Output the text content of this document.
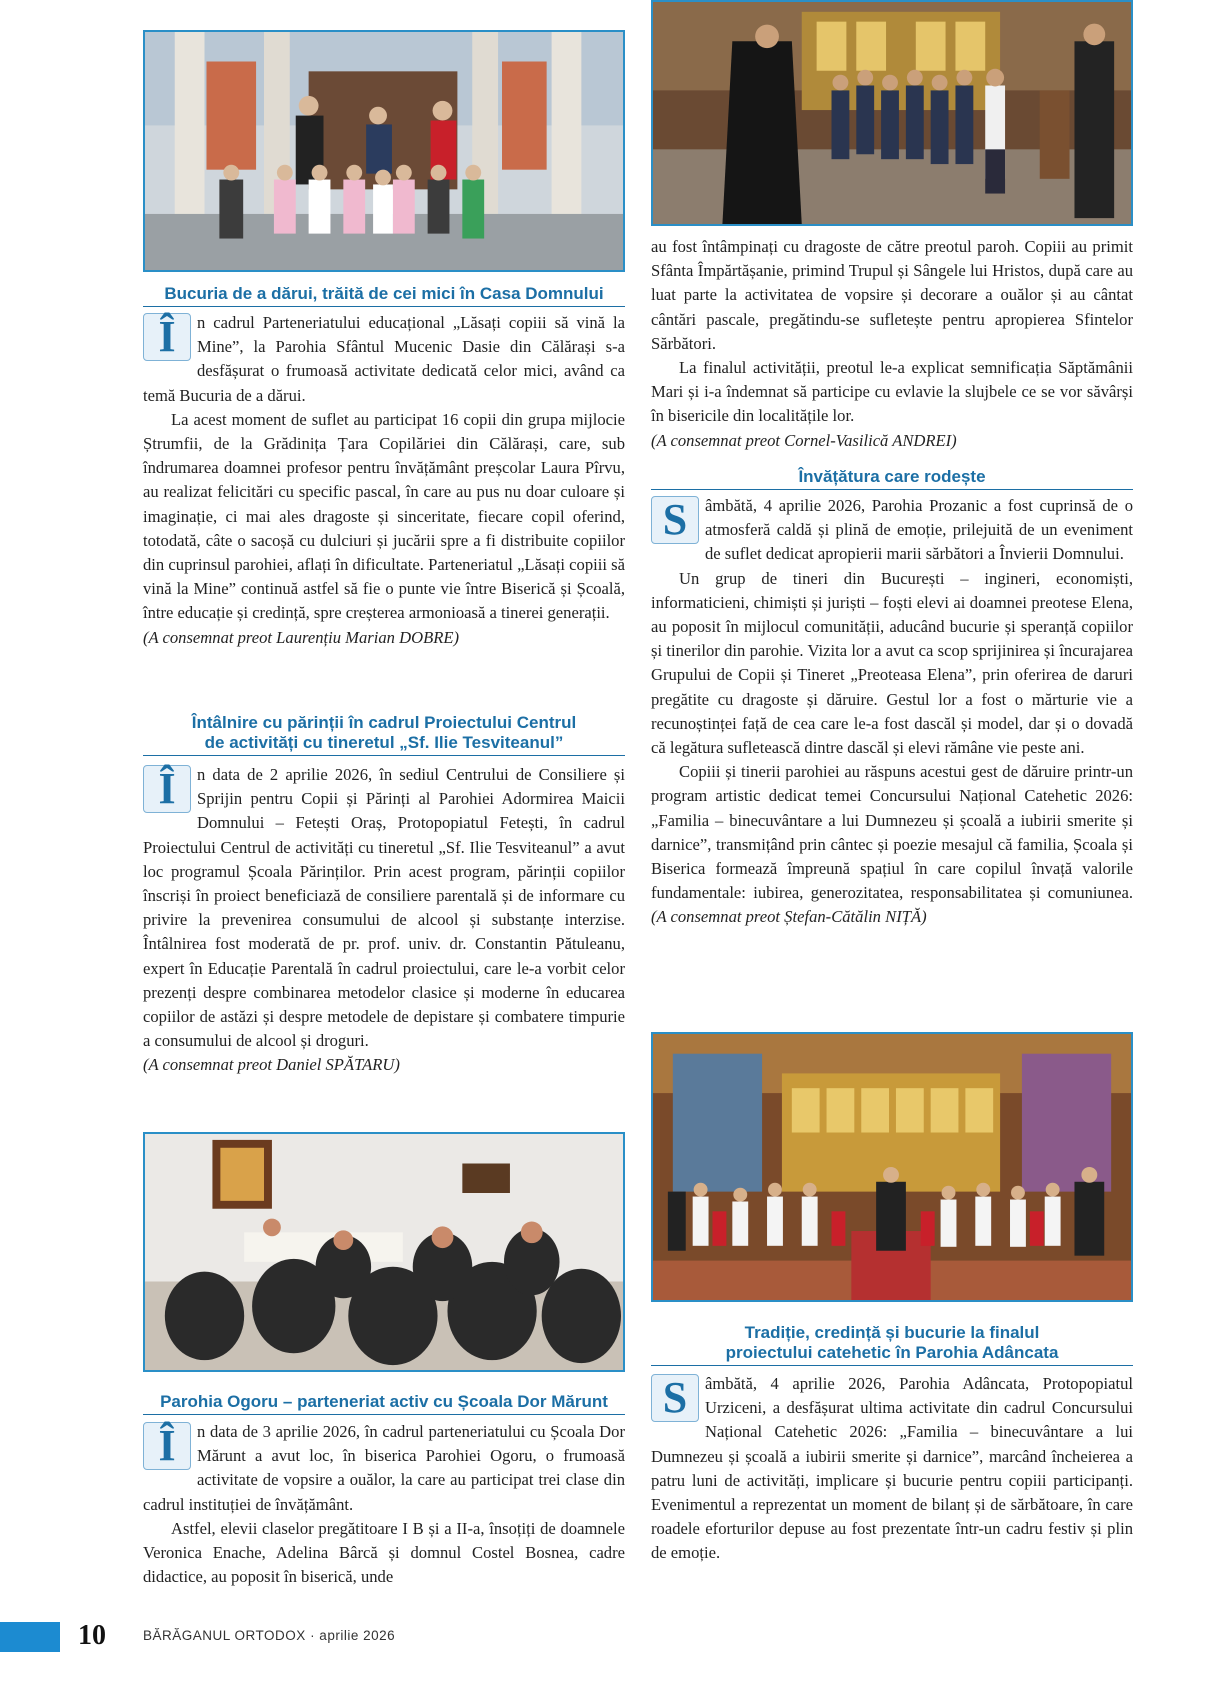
Bucuria de a dărui, trăită de cei mici în Casa Domnului

Î	n cadrul Parteneriatului educațional „Lăsați copiii să vină la Mine”, la Parohia Sfântul Mucenic Dasie din Călărași s-a desfășurat o frumoasă activitate dedicată celor mici, având ca temă Bucuria de a dărui.

La acest moment de suflet au participat 16 copii din grupa mijlocie Ștrumfii, de la Grădinița Țara Copilăriei din Călărași, care, sub îndrumarea doamnei profesor pentru învățământ preșcolar Laura Pîrvu, au realizat felicitări cu specific pascal, în care au pus nu doar culoare și imaginație, ci mai ales dragoste și sinceritate, fiecare copil oferind, totodată, câte o sacoșă cu dulciuri și jucării spre a fi distribuite copiilor din cuprinsul parohiei, aflați în dificultate. Parteneriatul „Lăsați copiii să vină la Mine” continuă astfel să fie o punte vie între Biserică și Școală, între educație și credință, spre creșterea armonioasă a tinerei generații.

(A consemnat preot Laurențiu Marian DOBRE)

Întâlnire cu părinții în cadrul Proiectului Centrul
de activități cu tineretul „Sf. Ilie Tesviteanul”

Î	n data de 2 aprilie 2026, în sediul Centrului de Consiliere și Sprijin pentru Copii și Părinți al Parohiei Adormirea Maicii Domnului – Fetești Oraș, Protopopiatul Fetești, în cadrul Proiectului Centrul de activități cu tineretul „Sf. Ilie Tesviteanul” a avut loc programul Școala Părinților. Prin acest program, părinții copiilor înscriși în proiect beneficiază de consiliere parentală și de informare cu privire la prevenirea consumului de alcool și substanțe interzise. Întâlnirea fost moderată de pr. prof. univ. dr. Constantin Pătuleanu, expert în Educație Parentală în cadrul proiectului, care le-a vorbit celor prezenți despre combinarea metodelor clasice și moderne în educarea copiilor de astăzi și despre metodele de depistare și combatere timpurie a consumului de alcool și droguri.

(A consemnat preot Daniel SPĂTARU)

Parohia Ogoru – parteneriat activ cu Școala Dor Mărunt

Î	n data de 3 aprilie 2026, în cadrul parteneriatului cu Școala Dor Mărunt a avut loc, în biserica Parohiei Ogoru, o frumoasă activitate de vopsire a ouălor, la care au participat trei clase din cadrul instituției de învățământ.

Astfel, elevii claselor pregătitoare I B și a II-a, însoțiți de doamnele Veronica Enache, Adelina Bârcă și domnul Costel Bosnea, cadre didactice, au poposit în biserică, unde

au fost întâmpinați cu dragoste de către preotul paroh. Copiii au primit Sfânta Împărtășanie, primind Trupul și Sângele lui Hristos, după care au luat parte la activitatea de vopsire și decorare a ouălor și au cântat cântări pascale, pregătindu-se sufletește pentru apropierea Sfintelor Sărbători.

La finalul activității, preotul le-a explicat semnificația Săptămânii Mari și i-a îndemnat să participe cu evlavie la slujbele ce se vor săvârși în bisericile din localitățile lor.

(A consemnat preot Cornel-Vasilică ANDREI)

Învățătura care rodește

S	âmbătă, 4 aprilie 2026, Parohia Prozanic a fost cuprinsă de o atmosferă caldă și plină de emoție, prilejuită de un eveniment de suflet dedicat apropierii marii sărbători a Învierii Domnului.

Un grup de tineri din București – ingineri, economiști, informaticieni, chimiști și juriști – foști elevi ai doamnei preotese Elena, au poposit în mijlocul comunității, aducând bucurie și speranță copiilor și tinerilor din parohie. Vizita lor a avut ca scop sprijinirea și încurajarea Grupului de Copii și Tineret „Preoteasa Elena”, prin oferirea de daruri pregătite cu dragoste și dăruire. Gestul lor a fost o mărturie vie a recunoștinței față de cea care le-a fost dascăl și model, dar și o dovadă că legătura sufletească dintre dascăl și elevi rămâne vie peste ani.

Copiii și tinerii parohiei au răspuns acestui gest de dăruire printr-un program artistic dedicat temei Concursului Național Catehetic 2026: „Familia – binecuvântare a lui Dumnezeu și școală a iubirii smerite și darnice”, transmițând prin cântec și poezie mesajul că familia, Școala și Biserica formează împreună spațiul în care copilul învață valorile fundamentale: iubirea, generozitatea, responsabilitatea și comuniunea. (A consemnat preot Ștefan-Cătălin NIȚĂ)

Tradiție, credință și bucurie la finalul
proiectului catehetic în Parohia Adâncata

S	âmbătă, 4 aprilie 2026, Parohia Adâncata, Protopopiatul Urziceni, a desfășurat ultima activitate din cadrul Concursului Național Catehetic 2026: „Familia – binecuvântare a lui Dumnezeu și școală a iubirii smerite și darnice”, marcând încheierea a patru luni de activități, implicare și bucurie pentru copiii participanți. Evenimentul a reprezentat un moment de bilanț și de sărbătoare, în care roadele eforturilor depuse au fost prezentate într-un cadru festiv și plin de emoție.

10	BĂRĂGANUL ORTODOX · aprilie 2026
